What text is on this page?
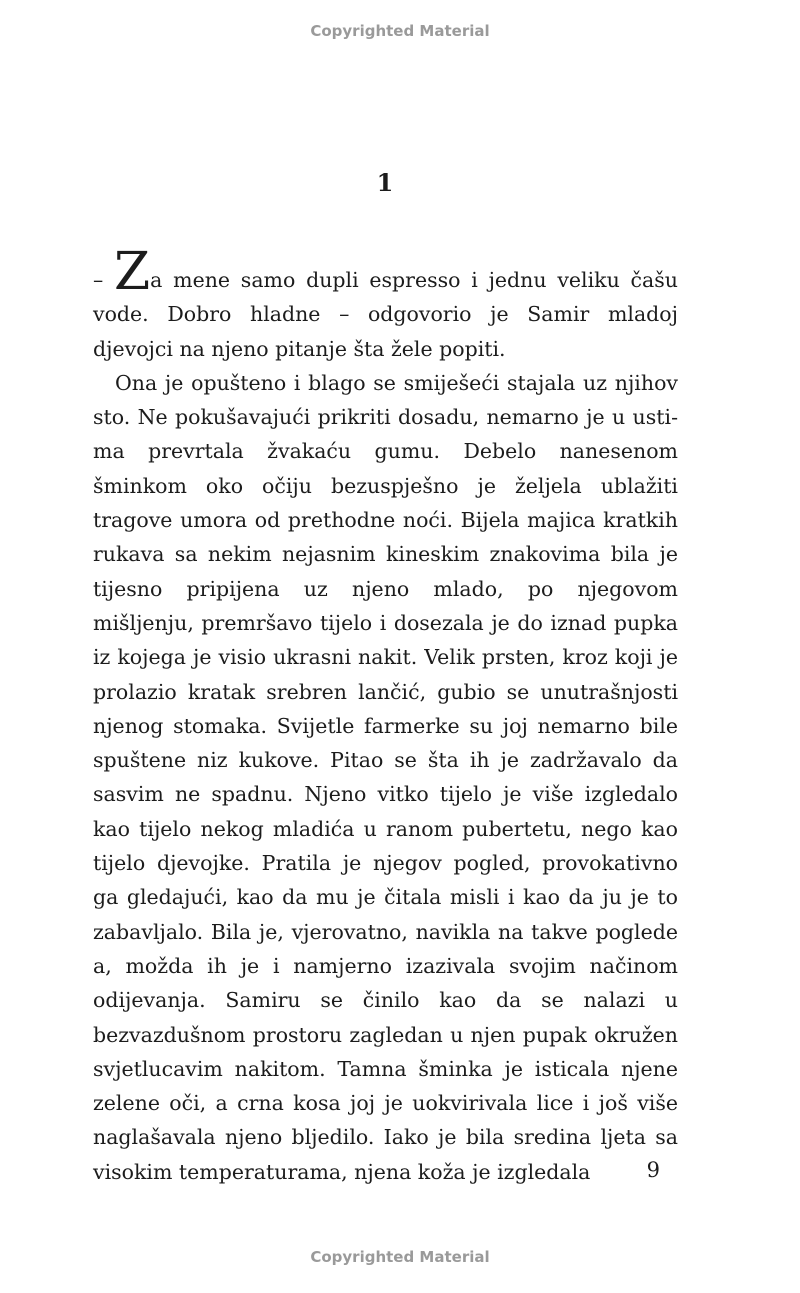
Copyrighted Material
1

– Za mene samo dupli espresso i jednu veliku čašu vode. Dobro hladne – odgovorio je Samir mladoj djevojci na njeno pitanje šta žele popiti.

Ona je opušteno i blago se smiješeći stajala uz njihov sto. Ne pokušavajući prikriti dosadu, nemarno je u ustima prevrtala žvakaću gumu. Debelo nanesenom šminkom oko očiju bezuspješno je željela ublažiti tragove umora od prethodne noći. Bijela majica kratkih rukava sa nekim nejasnim kineskim znakovima bila je tijesno pripijena uz njeno mlado, po njegovom mišljenju, premršavo tijelo i dosezala je do iznad pupka iz kojega je visio ukrasni nakit. Velik prsten, kroz koji je prolazio kratak srebren lančić, gubio se unutrašnjosti njenog stomaka. Svijetle farmerke su joj nemarno bile spuštene niz kukove. Pitao se šta ih je zadržavalo da sasvim ne spadnu. Njeno vitko tijelo je više izgledalo kao tijelo nekog mladića u ranom pubertetu, nego kao tijelo djevojke. Pratila je njegov pogled, provokativno ga gledajući, kao da mu je čitala misli i kao da ju je to zabavljalo. Bila je, vjerovatno, navikla na takve poglede a, možda ih je i namjerno izazivala svojim načinom odijevanja. Samiru se činilo kao da se nalazi u bezvazdušnom prostoru zagledan u njen pupak okružen svjetlucavim nakitom. Tamna šminka je isticala njene zelene oči, a crna kosa joj je uokvirivala lice i još više naglašavala njeno bljedilo. Iako je bila sredina ljeta sa visokim temperaturama, njena koža je izgledala	9
Copyrighted Material
